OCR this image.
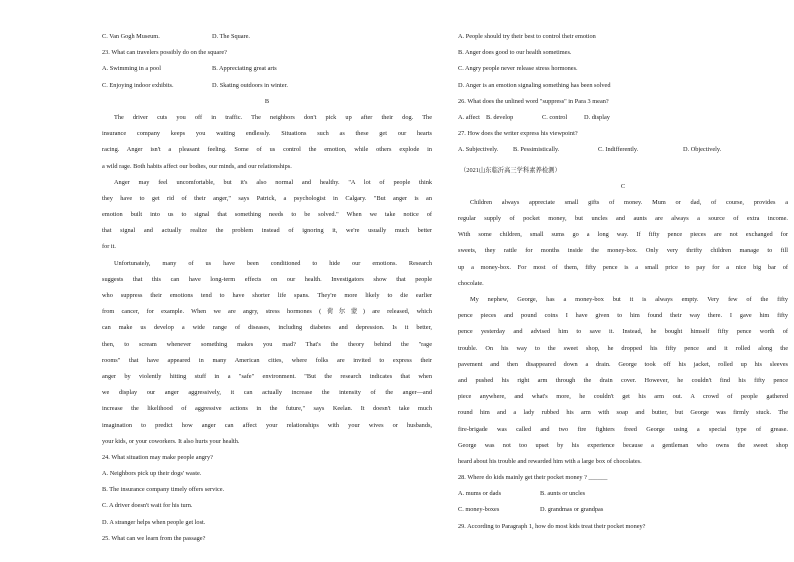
C. Van Gogh Museum.	D. The Square.
23. What can travelers possibly do on the square?
A. Swimming in a pool	B. Appreciating great arts
C. Enjoying indoor exhibits.	D. Skating outdoors in winter.
B
The driver cuts you off in traffic. The neighbors don't pick up after their dog. The
insurance company keeps you waiting endlessly. Situations such as these get our hearts
racing. Anger isn't a pleasant feeling. Some of us control the emotion, while others explode in
a wild rage. Both habits affect our bodies, our minds, and our relationships.
Anger may feel uncomfortable, but it's also normal and healthy. "A lot of people think
they have to get rid of their anger," says Patrick, a psychologist in Calgary. "But anger is an
emotion built into us to signal that something needs to be solved." When we take notice of
that signal and actually realize the problem instead of ignoring it, we're usually much better
for it.
Unfortunately, many of us have been conditioned to hide our emotions. Research
suggests that this can have long-term effects on our health. Investigators show that people
who suppress their emotions tend to have shorter life spans. They're more likely to die earlier
from cancer, for example. When we are angry, stress hormones (荷尔蒙) are released, which
can make us develop a wide range of diseases, including diabetes and depression. Is it better,
then, to scream whenever something makes you mad? That's the theory behind the "rage
rooms" that have appeared in many American cities, where folks are invited to express their
anger by violently hitting stuff in a "safe" environment. "But the research indicates that when
we display our anger aggressively, it can actually increase the intensity of the anger—and
increase the likelihood of aggressive actions in the future," says Keelan. It doesn't take much
imagination to predict how anger can affect your relationships with your wives or husbands,
your kids, or your coworkers. It also hurts your health.
24. What situation may make people angry?
A. Neighbors pick up their dogs' waste.
B. The insurance company timely offers service.
C. A driver doesn't wait for his turn.
D. A stranger helps when people get lost.
25. What can we learn from the passage?
A. People should try their best to control their emotion
B. Anger does good to our health sometimes.
C. Angry people never release stress hormones.
D. Anger is an emotion signaling something has been solved
26. What does the unlined word "suppress" in Para 3 mean?
A. affect B. develop	C. control	D. display
27. How does the writer express his viewpoint?
A. Subjectively. B. Pessimistically.	C. Indifferently.	D. Objectively.
（2021山东临沂高三学科素养检测）
C
Children always appreciate small gifts of money. Mum or dad, of course, provides a
regular supply of pocket money, but uncles and aunts are always a source of extra income.
With some children, small sums go a long way. If fifty pence pieces are not exchanged for
sweets, they rattle for months inside the money-box. Only very thrifty children manage to fill
up a money-box. For most of them, fifty pence is a small price to pay for a nice big bar of
chocolate.
My nephew, George, has a money-box but it is always empty. Very few of the fifty
pence pieces and pound coins I have given to him found their way there. I gave him fifty
pence yesterday and advised him to save it. Instead, he bought himself fifty pence worth of
trouble. On his way to the sweet shop, he dropped his fifty pence and it rolled along the
pavement and then disappeared down a drain. George took off his jacket, rolled up his sleeves
and pushed his right arm through the drain cover. However, he couldn't find his fifty pence
piece anywhere, and what's more, he couldn't get his arm out. A crowd of people gathered
round him and a lady rubbed his arm with soap and butter, but George was firmly stuck. The
fire-brigade was called and two fire fighters freed George using a special type of grease.
George was not too upset by his experience because a gentleman who owns the sweet shop
heard about his trouble and rewarded him with a large box of chocolates.
28. Where do kids mainly get their pocket money ? ______
A. mums or dads	B. aunts or uncles
C. money-boxes	D. grandmas or grandpas
29. According to Paragraph 1, how do most kids treat their pocket money?
